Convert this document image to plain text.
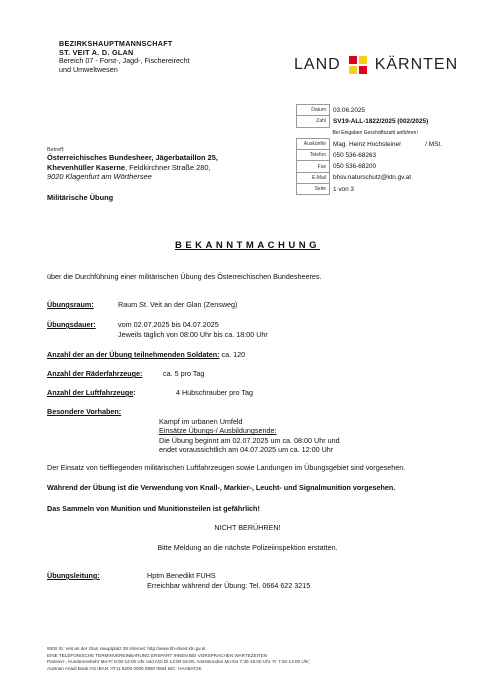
BEZIRKSHAUPTMANNSCHAFT
ST. VEIT A. D. GLAN
Bereich 07 - Forst-, Jagd-, Fischereirecht
und Umweltwesen	LAND KÄRNTEN
Datum	03.06.2025
Zahl	SV19-ALL-1822/2025 (002/2025)
	Bei Eingaben Geschäftszahl anführen!
Auskünfte	Mag. Heinz Hochsteiner / MSt.
Telefon	050 536-68263
Fax	050 536-68200
E-Mail	bhsv.naturschutz@ktn.gv.at
Seite	1 von 3
Betreff:
Österreichisches Bundesheer, Jägerbataillon 25,
Khevenhüller Kaserne, Feldkirchner Straße 280,
9020 Klagenfurt am Wörthersee
Militärische Übung
BEKANNTMACHUNG
über die Durchführung einer militärischen Übung des Österreichischen Bundesheeres.
Übungsraum:	Raum St. Veit an der Glan (Zensweg)
Übungsdauer:	vom 02.07.2025 bis 04.07.2025
Jeweils täglich von 08:00 Uhr bis ca. 18:00 Uhr
Anzahl der an der Übung teilnehmenden Soldaten: ca. 120
Anzahl der Räderfahrzeuge:	ca. 5 pro Tag
Anzahl der Luftfahrzeuge:	4 Hubschrauber pro Tag
Besondere Vorhaben:
Kampf im urbanen Umfeld
Einsätze Übungs-/ Ausbildungsende:
Die Übung beginnt am 02.07.2025 um ca. 08:00 Uhr und
endet voraussichtlich am 04.07.2025 um ca. 12:00 Uhr
Der Einsatz von tieffliegenden militärischen Luftfahrzeugen sowie Landungen im Übungsgebiet sind vorgesehen.
Während der Übung ist die Verwendung von Knall-, Markier-, Leucht- und Signalmunition vorgesehen.
Das Sammeln von Munition und Munitionsteilen ist gefährlich!
NICHT BERÜHREN!
Bitte Meldung an die nächste Polizeiinspektion erstatten.
Übungsleitung:	Hptm Benedikt FUHS
Erreichbar während der Übung: Tel. 0664 622 3215
9300 St. Veit an der Glan Hauptplatz 28 Internet: http://www.bh-stveit.ktn.gv.at
EINE TELEFONISCHE TERMINVEREINBARUNG ERSPART IHNEN BEI VORSPRACHEN WARTEZEITEN
Parteien-, Kundenverkehr Mo-Fr 8:00-12:00 Uhr und AGI Di 13:00-16:00, Amtsstunden Mo-Do 7:30-16:00 Uhr, Fr 7:30-13:00 Uhr;
Austrian Anadi Bank AG IBAN: AT11 5200 0000 0850 0584 BIC: HAABAT2K
